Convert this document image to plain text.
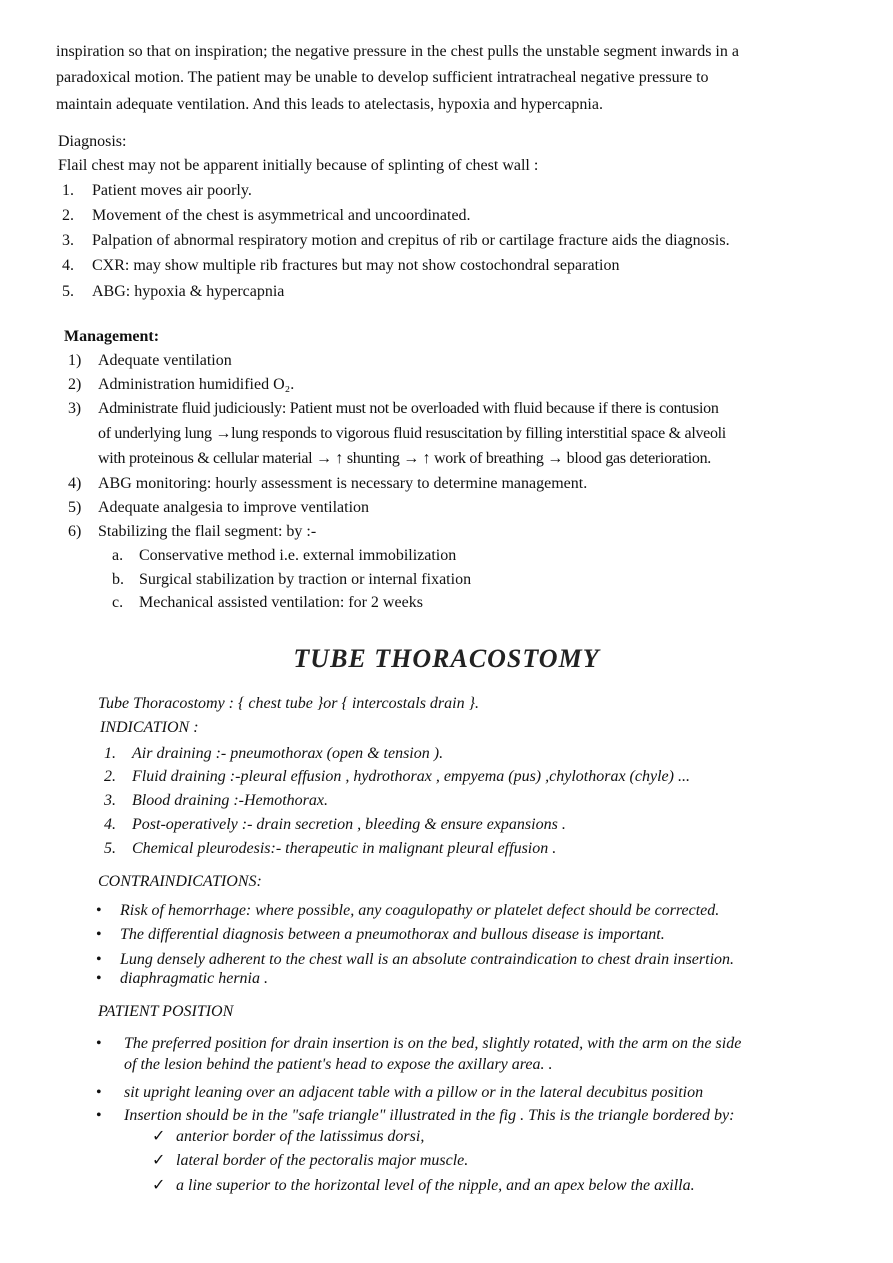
inspiration so that on inspiration; the negative pressure in the chest pulls the unstable segment inwards in a
paradoxical motion. The patient may be unable to develop sufficient intratracheal negative pressure to
maintain adequate ventilation. And this leads to atelectasis, hypoxia and hypercapnia.
Diagnosis:
Flail chest may not be apparent initially because of splinting of chest wall :
1. Patient moves air poorly.
2. Movement of the chest is asymmetrical and uncoordinated.
3. Palpation of abnormal respiratory motion and crepitus of rib or cartilage fracture aids the diagnosis.
4. CXR: may show multiple rib fractures but may not show costochondral separation
5. ABG: hypoxia & hypercapnia
Management:
1) Adequate ventilation
2) Administration humidified O₂.
3) Administrate fluid judiciously: Patient must not be overloaded with fluid because if there is contusion
of underlying lung →lung responds to vigorous fluid resuscitation by filling interstitial space & alveoli
with proteinous & cellular material → ↑ shunting → ↑ work of breathing → blood gas deterioration.
4) ABG monitoring: hourly assessment is necessary to determine management.
5) Adequate analgesia to improve ventilation
6) Stabilizing the flail segment: by :-
a. Conservative method i.e. external immobilization
b. Surgical stabilization by traction or internal fixation
c. Mechanical assisted ventilation: for 2 weeks
TUBE THORACOSTOMY
Tube Thoracostomy : { chest tube }or { intercostals drain }.
INDICATION :
1. Air draining :- pneumothorax (open & tension ).
2. Fluid draining :-pleural effusion , hydrothorax , empyema (pus) ,chylothorax (chyle) ...
3. Blood draining :-Hemothorax.
4. Post-operatively :- drain secretion , bleeding & ensure expansions .
5. Chemical pleurodesis:- therapeutic in malignant pleural effusion .
CONTRAINDICATIONS:
• Risk of hemorrhage: where possible, any coagulopathy or platelet defect should be corrected.
• The differential diagnosis between a pneumothorax and bullous disease is important.
• Lung densely adherent to the chest wall is an absolute contraindication to chest drain insertion.
• diaphragmatic hernia .
PATIENT POSITION
• The preferred position for drain insertion is on the bed, slightly rotated, with the arm on the side
of the lesion behind the patient's head to expose the axillary area. .
• sit upright leaning over an adjacent table with a pillow or in the lateral decubitus position
• Insertion should be in the "safe triangle" illustrated in the fig . This is the triangle bordered by:
✓ anterior border of the latissimus dorsi,
✓ lateral border of the pectoralis major muscle.
✓ a line superior to the horizontal level of the nipple, and an apex below the axilla.
